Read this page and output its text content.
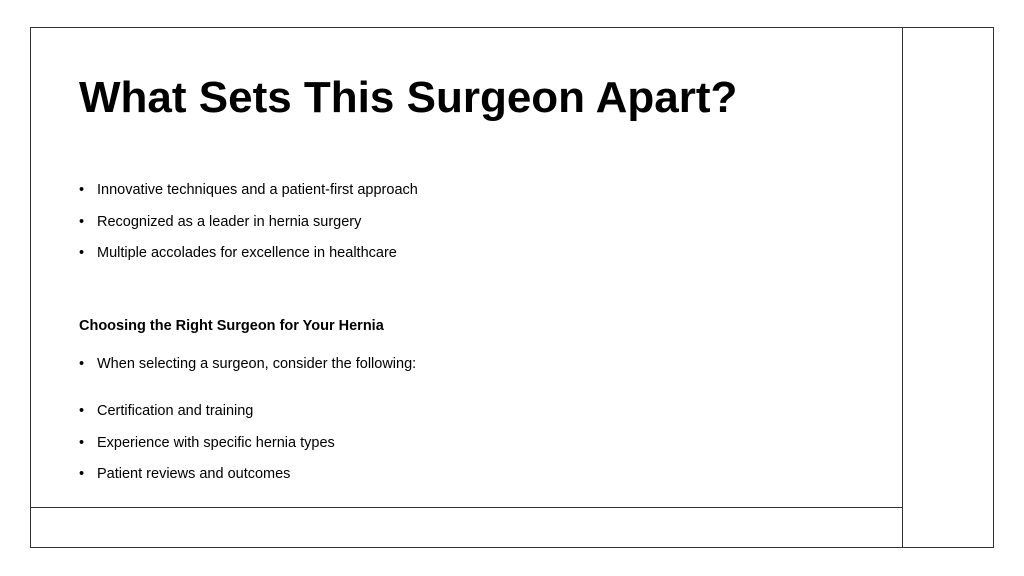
What Sets This Surgeon Apart?
• Innovative techniques and a patient-first approach
• Recognized as a leader in hernia surgery
• Multiple accolades for excellence in healthcare
Choosing the Right Surgeon for Your Hernia
• When selecting a surgeon, consider the following:
• Certification and training
• Experience with specific hernia types
• Patient reviews and outcomes
